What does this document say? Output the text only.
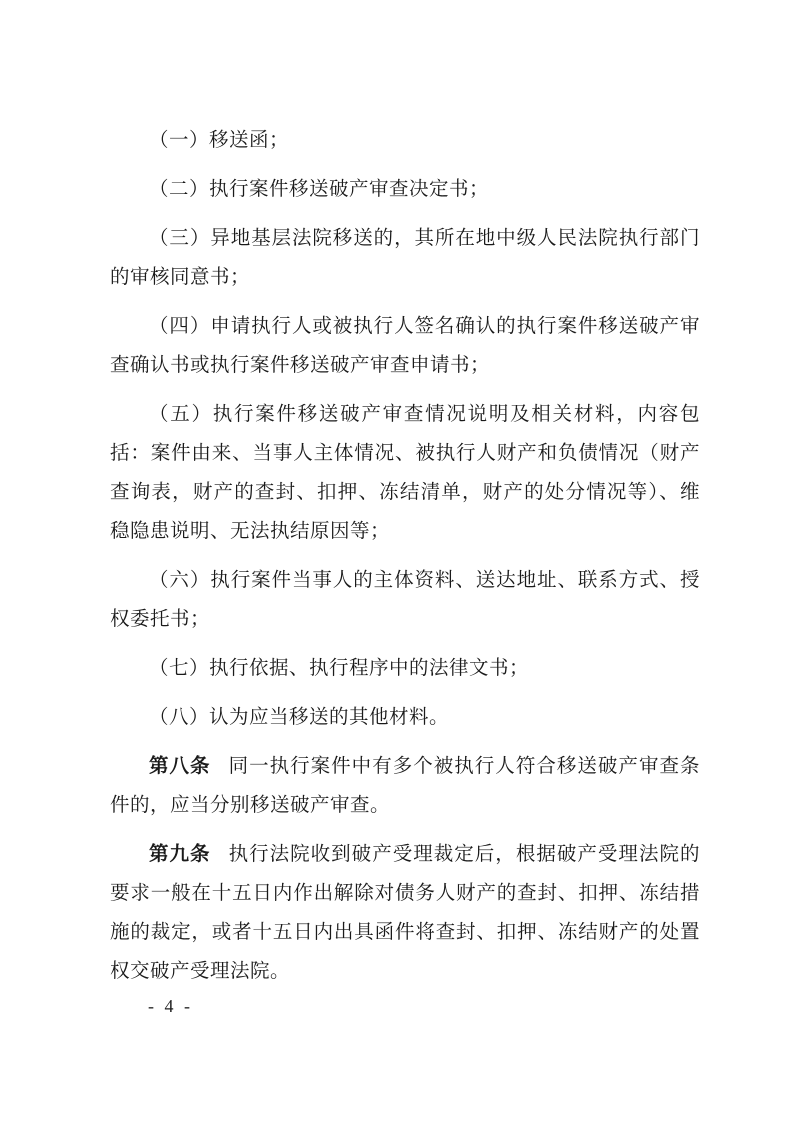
（一）移送函；

（二）执行案件移送破产审查决定书；

（三）异地基层法院移送的，其所在地中级人民法院执行部门的审核同意书；

（四）申请执行人或被执行人签名确认的执行案件移送破产审查确认书或执行案件移送破产审查申请书；

（五）执行案件移送破产审查情况说明及相关材料，内容包括：案件由来、当事人主体情况、被执行人财产和负债情况（财产查询表，财产的查封、扣押、冻结清单，财产的处分情况等）、维稳隐患说明、无法执结原因等；

（六）执行案件当事人的主体资料、送达地址、联系方式、授权委托书；

（七）执行依据、执行程序中的法律文书；

（八）认为应当移送的其他材料。

第八条 同一执行案件中有多个被执行人符合移送破产审查条件的，应当分别移送破产审查。

第九条 执行法院收到破产受理裁定后，根据破产受理法院的要求一般在十五日内作出解除对债务人财产的查封、扣押、冻结措施的裁定，或者十五日内出具函件将查封、扣押、冻结财产的处置权交破产受理法院。

- 4 -
